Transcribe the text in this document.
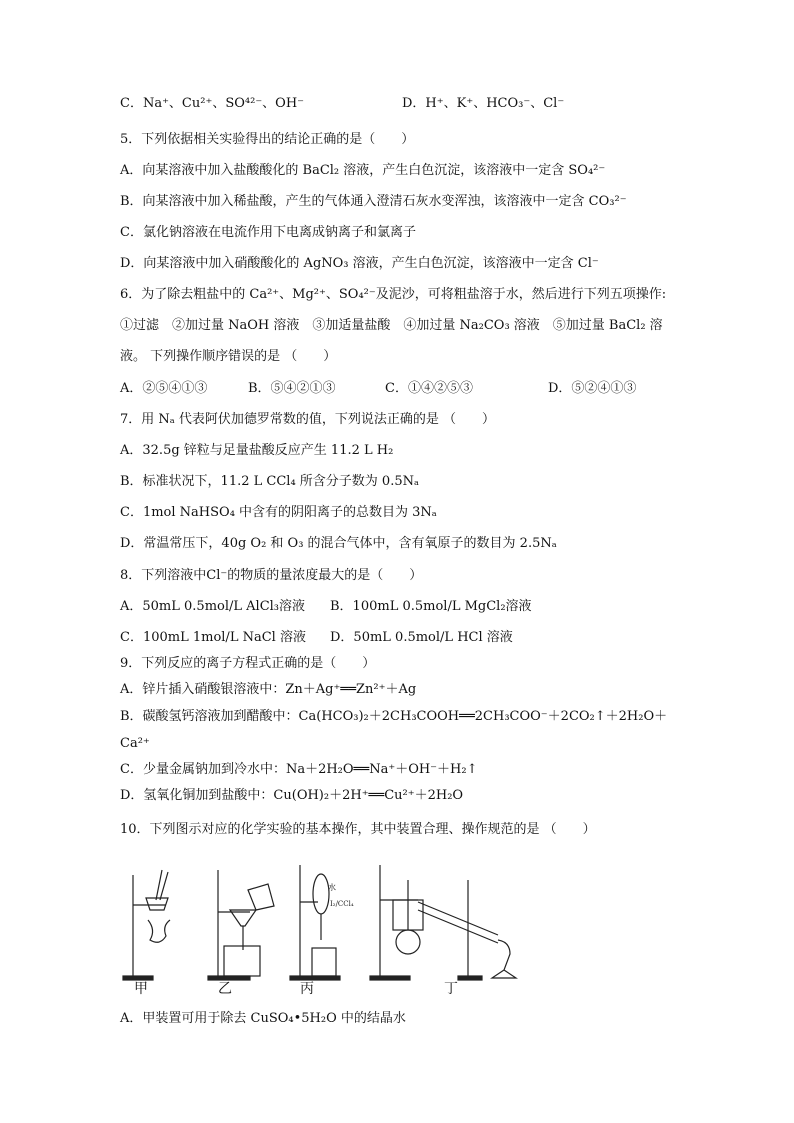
C．Na⁺、Cu²⁺、SO⁴²⁻、OH⁻	D．H⁺、K⁺、HCO₃⁻、Cl⁻
5．下列依据相关实验得出的结论正确的是（　　）
A．向某溶液中加入盐酸酸化的 BaCl₂ 溶液，产生白色沉淀，该溶液中一定含 SO₄²⁻
B．向某溶液中加入稀盐酸，产生的气体通入澄清石灰水变浑浊，该溶液中一定含 CO₃²⁻
C．氯化钠溶液在电流作用下电离成钠离子和氯离子
D．向某溶液中加入硝酸酸化的 AgNO₃ 溶液，产生白色沉淀，该溶液中一定含 Cl⁻
6．为了除去粗盐中的 Ca²⁺、Mg²⁺、SO₄²⁻及泥沙，可将粗盐溶于水，然后进行下列五项操作:
①过滤　②加过量 NaOH 溶液　③加适量盐酸　④加过量 Na₂CO₃ 溶液　⑤加过量 BaCl₂ 溶
液。 下列操作顺序错误的是 （　　）
A．②⑤④①③	B．⑤④②①③	C．①④②⑤③	D．⑤②④①③
7．用 Nₐ 代表阿伏加德罗常数的值，下列说法正确的是 （　　）
A．32.5g 锌粒与足量盐酸反应产生 11.2 L H₂
B．标准状况下，11.2 L CCl₄ 所含分子数为 0.5Nₐ
C．1mol NaHSO₄ 中含有的阴阳离子的总数目为 3Nₐ
D．常温常压下，40g O₂ 和 O₃ 的混合气体中，含有氧原子的数目为 2.5Nₐ
8．下列溶液中Cl⁻的物质的量浓度最大的是（　　）
A．50mL 0.5mol/L AlCl₃溶液 B．100mL 0.5mol/L MgCl₂溶液
C．100mL 1mol/L NaCl 溶液 D．50mL 0.5mol/L HCl 溶液
9．下列反应的离子方程式正确的是（　　）
A．锌片插入硝酸银溶液中：Zn＋Ag⁺══Zn²⁺＋Ag
B．碳酸氢钙溶液加到醋酸中：Ca(HCO₃)₂＋2CH₃COOH══2CH₃COO⁻＋2CO₂↑＋2H₂O＋
Ca²⁺
C．少量金属钠加到冷水中：Na＋2H₂O══Na⁺＋OH⁻＋H₂↑
D．氢氧化铜加到盐酸中：Cu(OH)₂＋2H⁺══Cu²⁺＋2H₂O
10．下列图示对应的化学实验的基本操作，其中装置合理、操作规范的是 （　　）
水
I₂/CCl₄
甲	乙	丙	丁
A．甲装置可用于除去 CuSO₄•5H₂O 中的结晶水
